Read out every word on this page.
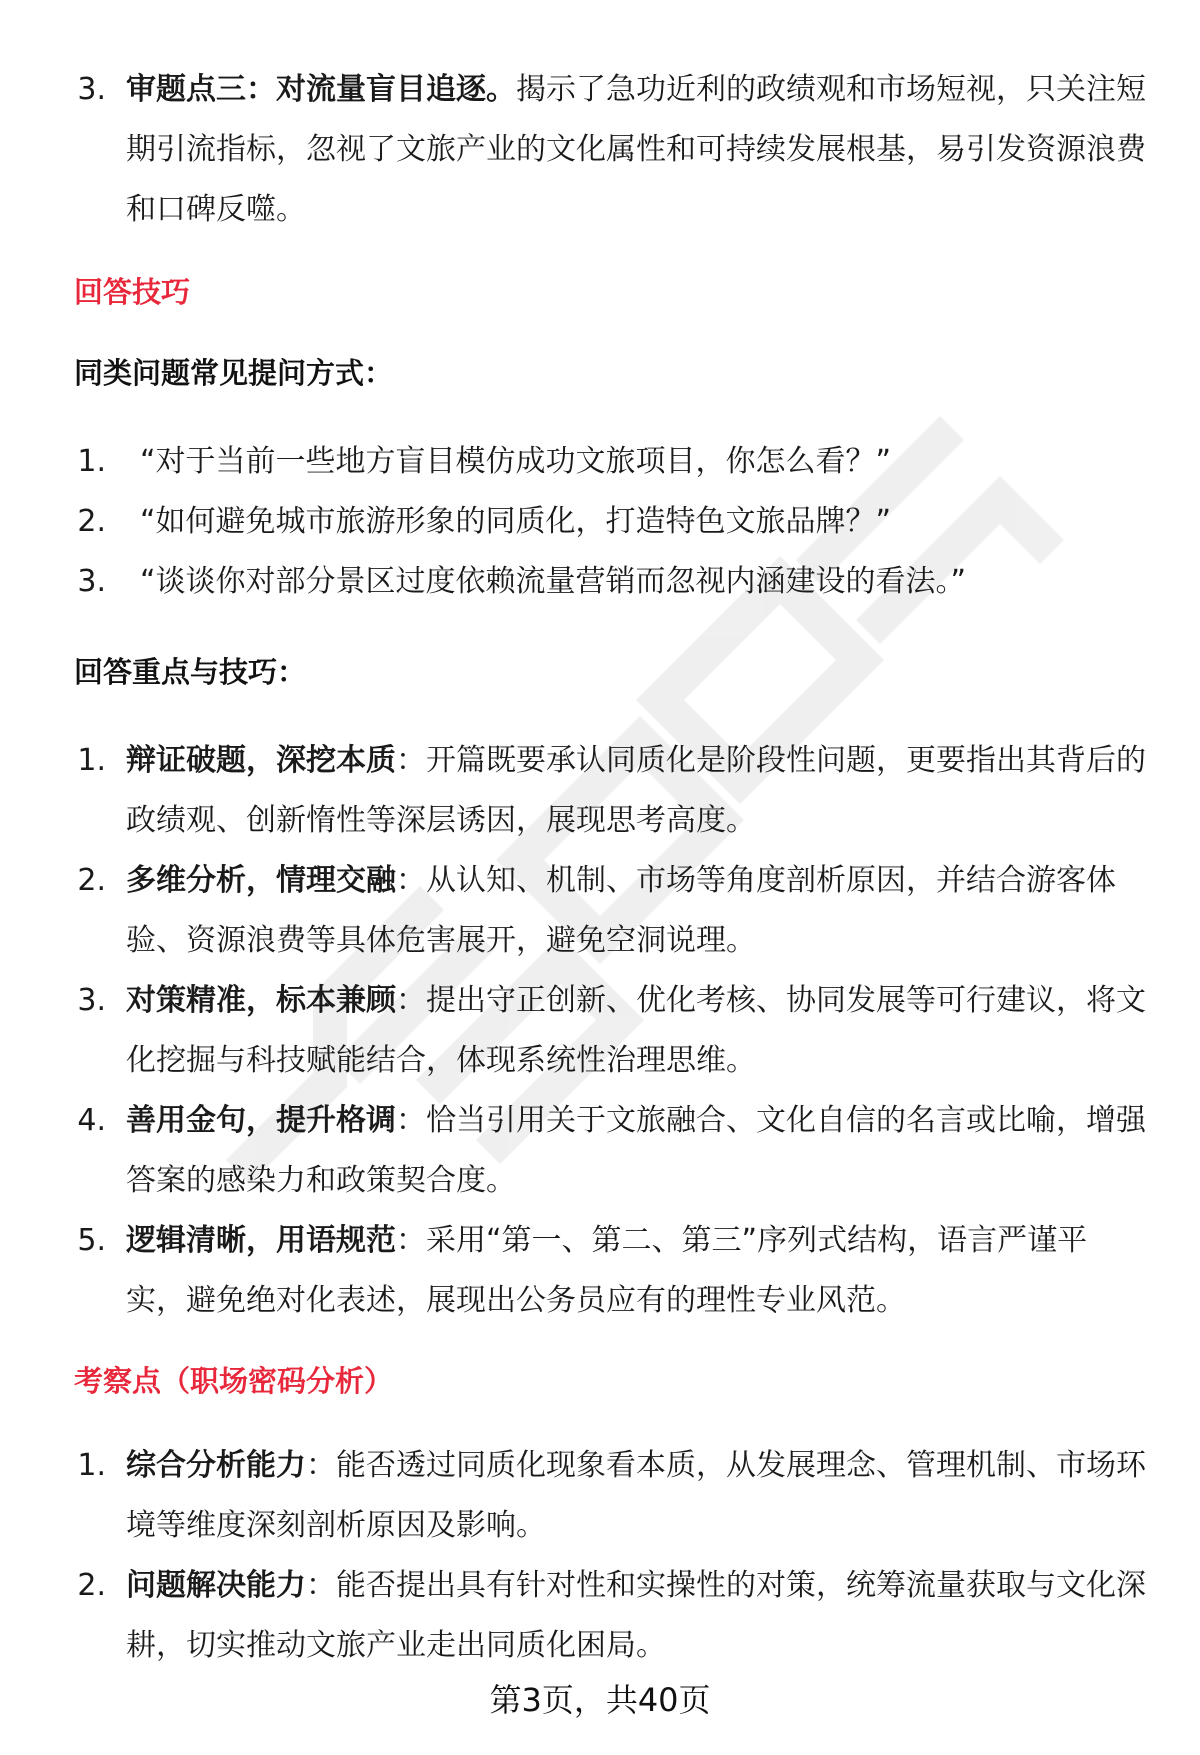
3. 审题点三：对流量盲目追逐。揭示了急功近利的政绩观和市场短视，只关注短
期引流指标，忽视了文旅产业的文化属性和可持续发展根基，易引发资源浪费
和口碑反噬。
回答技巧
同类问题常见提问方式：
1. “对于当前一些地方盲目模仿成功文旅项目，你怎么看？”
2. “如何避免城市旅游形象的同质化，打造特色文旅品牌？”
3. “谈谈你对部分景区过度依赖流量营销而忽视内涵建设的看法。”
回答重点与技巧：
1. 辩证破题，深挖本质：开篇既要承认同质化是阶段性问题，更要指出其背后的
政绩观、创新惰性等深层诱因，展现思考高度。
2. 多维分析，情理交融：从认知、机制、市场等角度剖析原因，并结合游客体
验、资源浪费等具体危害展开，避免空洞说理。
3. 对策精准，标本兼顾：提出守正创新、优化考核、协同发展等可行建议，将文
化挖掘与科技赋能结合，体现系统性治理思维。
4. 善用金句，提升格调：恰当引用关于文旅融合、文化自信的名言或比喻，增强
答案的感染力和政策契合度。
5. 逻辑清晰，用语规范：采用“第一、第二、第三”序列式结构，语言严谨平
实，避免绝对化表述，展现出公务员应有的理性专业风范。
考察点（职场密码分析）
1. 综合分析能力：能否透过同质化现象看本质，从发展理念、管理机制、市场环
境等维度深刻剖析原因及影响。
2. 问题解决能力：能否提出具有针对性和实操性的对策，统筹流量获取与文化深
耕，切实推动文旅产业走出同质化困局。
第3页，共40页
